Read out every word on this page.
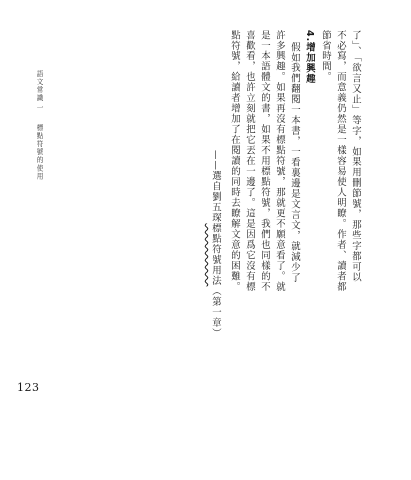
語文常識
一
標點符號的使用	了」、「欲言又止」等字，如果用刪節號，那些字都可以
不必寫，而意義仍然是一樣容易使人明瞭。作者、讀者都
節省時間。
4.增加興趣
假如我們翻閱一本書，一看裏邊是文言文，就減少了
許多興趣。如果再沒有標點符號，那就更不願意看了。就
是一本語體文的書，如果不用標點符號，我們也同樣的不
喜歡看，也許立刻就把它丟在一邊了。這是因爲它沒有標
點符號，給讀者增加了在閱讀的同時去瞭解文意的困難。
——選自劉五琛標點符號用法（第一章）
123
